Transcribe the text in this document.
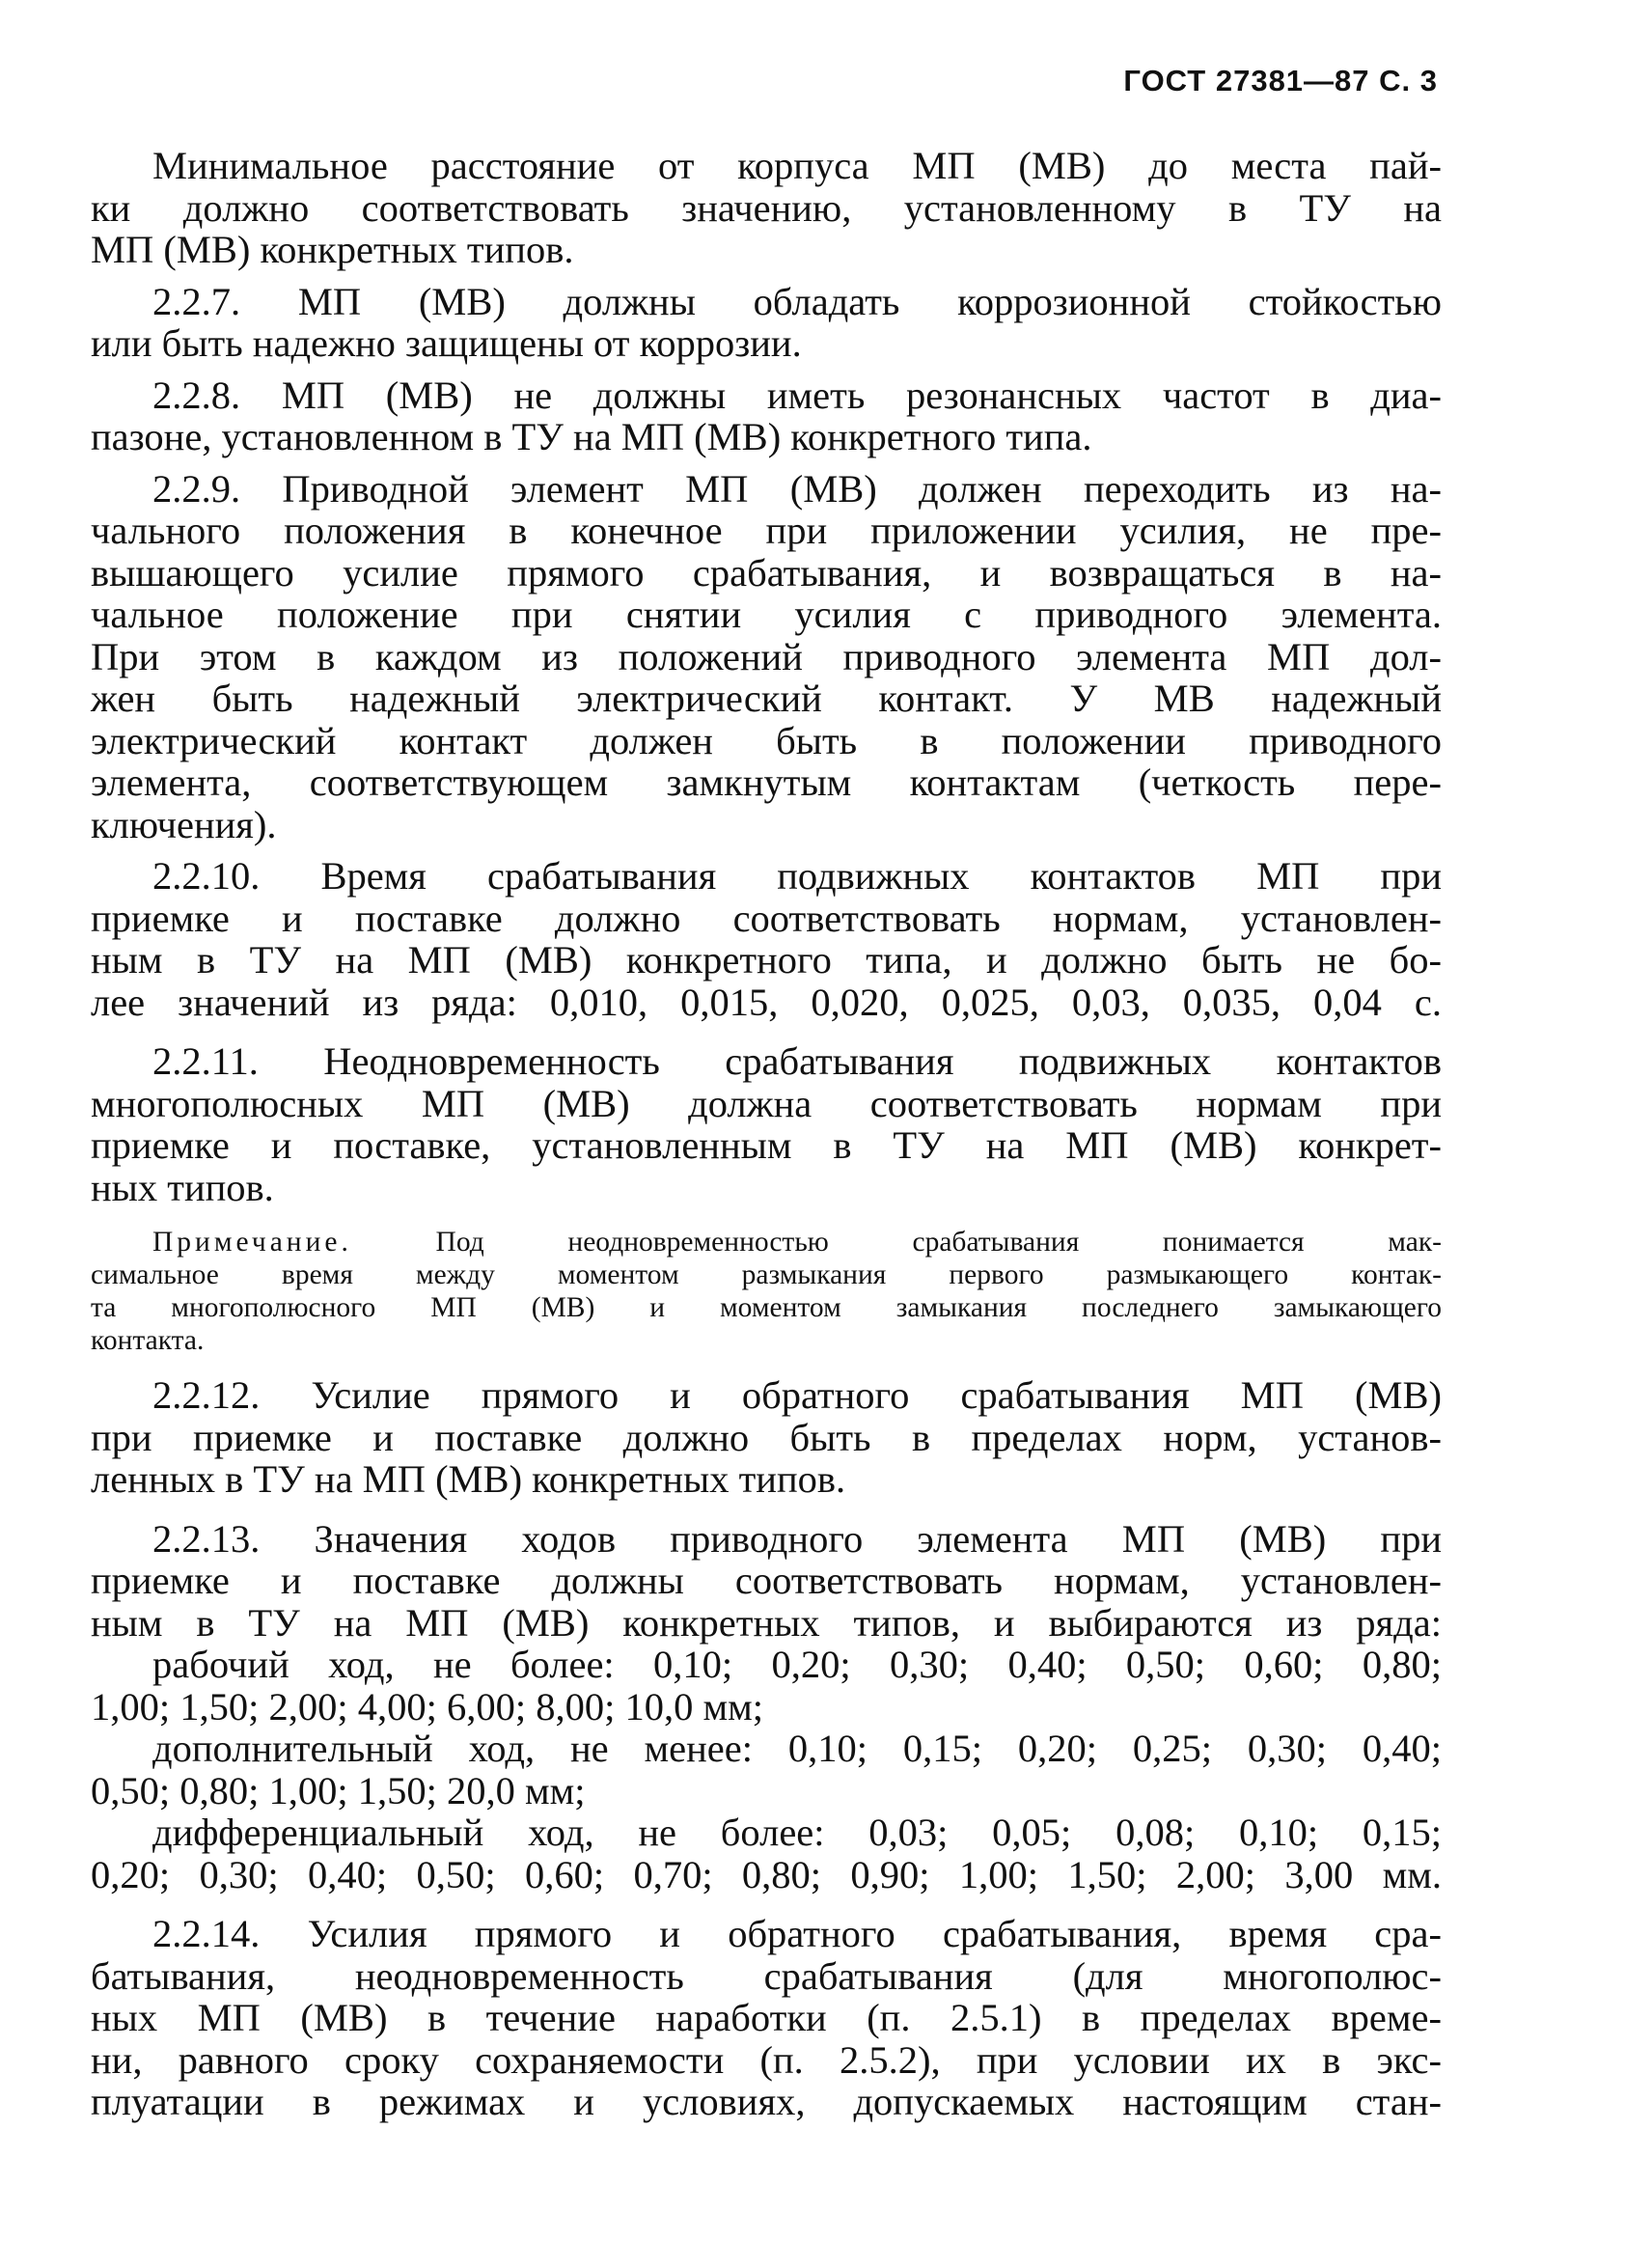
ГОСТ 27381—87 С. 3
Минимальное расстояние от корпуса МП (МВ) до места пай-
ки должно соответствовать значению, установленному в ТУ на
МП (МВ) конкретных типов.
2.2.7. МП (МВ) должны обладать коррозионной стойкостью
или быть надежно защищены от коррозии.
2.2.8. МП (МВ) не должны иметь резонансных частот в диа-
пазоне, установленном в ТУ на МП (МВ) конкретного типа.
2.2.9. Приводной элемент МП (МВ) должен переходить из на-
чального положения в конечное при приложении усилия, не пре-
вышающего усилие прямого срабатывания, и возвращаться в на-
чальное положение при снятии усилия с приводного элемента.
При этом в каждом из положений приводного элемента МП дол-
жен быть надежный электрический контакт. У МВ надежный
электрический контакт должен быть в положении приводного
элемента, соответствующем замкнутым контактам (четкость пере-
ключения).
2.2.10. Время срабатывания подвижных контактов МП при
приемке и поставке должно соответствовать нормам, установлен-
ным в ТУ на МП (МВ) конкретного типа, и должно быть не бо-
лее значений из ряда: 0,010, 0,015, 0,020, 0,025, 0,03, 0,035, 0,04 с.
2.2.11. Неодновременность срабатывания подвижных контактов
многополюсных МП (МВ) должна соответствовать нормам при
приемке и поставке, установленным в ТУ на МП (МВ) конкрет-
ных типов.
Примечание.	Под неодновременностью срабатывания понимается мак-
симальное время между моментом размыкания первого размыкающего контак-
та многополюсного МП (МВ) и моментом замыкания последнего замыкающего
контакта.
2.2.12. Усилие прямого и обратного срабатывания МП (МВ)
при приемке и поставке должно быть в пределах норм, установ-
ленных в ТУ на МП (МВ) конкретных типов.
2.2.13. Значения ходов приводного элемента МП (МВ) при
приемке и поставке должны соответствовать нормам, установлен-
ным в ТУ на МП (МВ) конкретных типов, и выбираются из ряда:
рабочий ход, не более: 0,10; 0,20; 0,30; 0,40; 0,50; 0,60; 0,80;
1,00; 1,50; 2,00; 4,00; 6,00; 8,00; 10,0 мм;
дополнительный ход, не менее: 0,10; 0,15; 0,20; 0,25; 0,30; 0,40;
0,50; 0,80; 1,00; 1,50; 20,0 мм;
дифференциальный ход, не более: 0,03; 0,05; 0,08; 0,10; 0,15;
0,20; 0,30; 0,40; 0,50; 0,60; 0,70; 0,80; 0,90; 1,00; 1,50; 2,00; 3,00 мм.
2.2.14. Усилия прямого и обратного срабатывания, время сра-
батывания, неодновременность срабатывания (для многополюс-
ных МП (МВ) в течение наработки (п. 2.5.1) в пределах време-
ни, равного сроку сохраняемости (п. 2.5.2), при условии их в экс-
плуатации в режимах и условиях, допускаемых настоящим стан-
